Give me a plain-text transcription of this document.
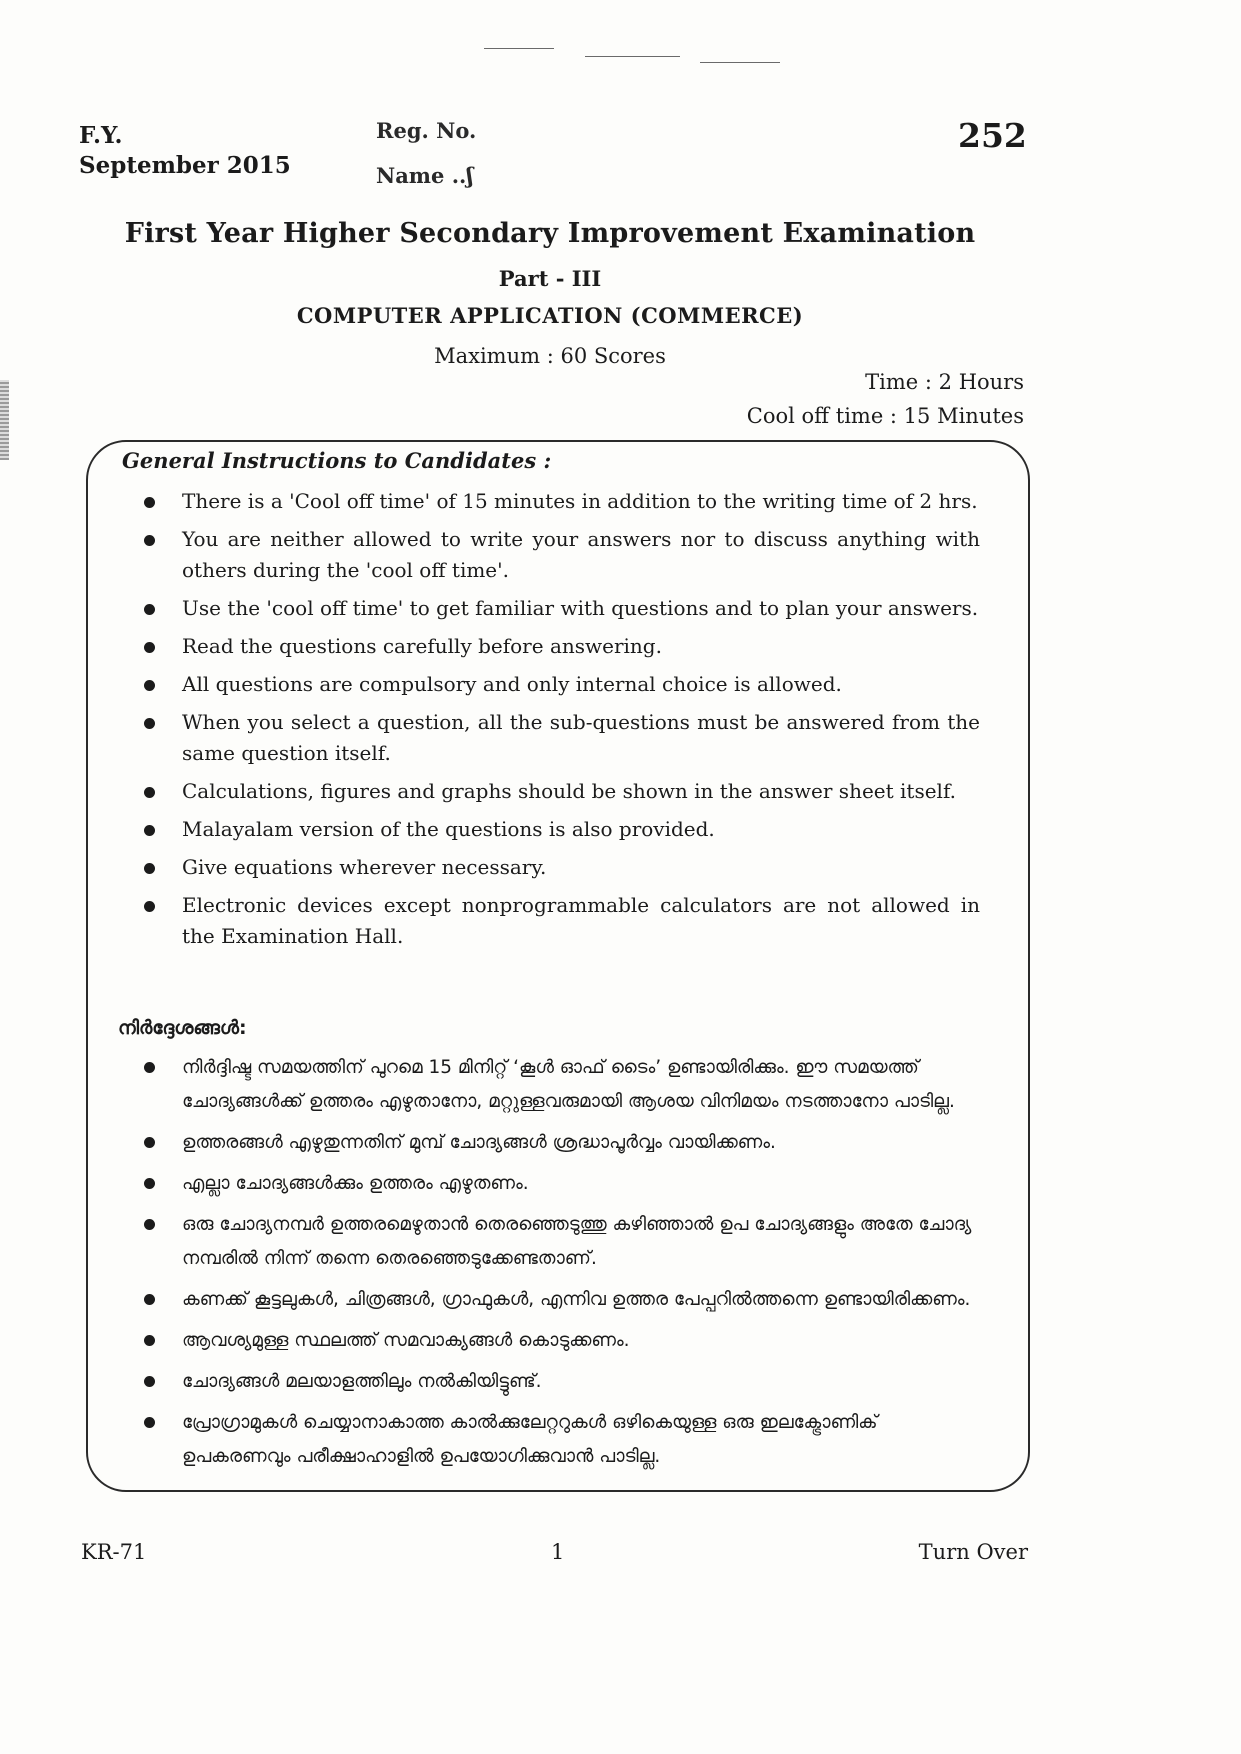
F.Y.
September 2015
Reg. No.
Name ..ʃ
252
First Year Higher Secondary Improvement Examination
Part - III
COMPUTER APPLICATION (COMMERCE)
Maximum : 60 Scores
Time : 2 Hours
Cool off time : 15 Minutes
General Instructions to Candidates :
There is a 'Cool off time' of 15 minutes in addition to the writing time of 2 hrs.
You are neither allowed to write your answers nor to discuss anything with others during the 'cool off time'.
Use the 'cool off time' to get familiar with questions and to plan your answers.
Read the questions carefully before answering.
All questions are compulsory and only internal choice is allowed.
When you select a question, all the sub-questions must be answered from the same question itself.
Calculations, figures and graphs should be shown in the answer sheet itself.
Malayalam version of the questions is also provided.
Give equations wherever necessary.
Electronic devices except nonprogrammable calculators are not allowed in the Examination Hall.
നിർദ്ദേശങ്ങൾ:
നിർദ്ദിഷ്ട സമയത്തിന് പുറമെ 15 മിനിറ്റ് ‘കൂൾ ഓഫ് ടൈം’ ഉണ്ടായിരിക്കും. ഈ സമയത്ത് ചോദ്യങ്ങൾക്ക് ഉത്തരം എഴുതാനോ, മറ്റുള്ളവരുമായി ആശയ വിനിമയം നടത്താനോ പാടില്ല.
ഉത്തരങ്ങൾ എഴുതുന്നതിന് മുമ്പ് ചോദ്യങ്ങൾ ശ്രദ്ധാപൂർവ്വം വായിക്കണം.
എല്ലാ ചോദ്യങ്ങൾക്കും ഉത്തരം എഴുതണം.
ഒരു ചോദ്യനമ്പർ ഉത്തരമെഴുതാൻ തെരഞ്ഞെടുത്തു കഴിഞ്ഞാൽ ഉപ ചോദ്യങ്ങളും അതേ ചോദ്യ നമ്പരിൽ നിന്ന് തന്നെ തെരഞ്ഞെടുക്കേണ്ടതാണ്.
കണക്ക് കൂട്ടലുകൾ, ചിത്രങ്ങൾ, ഗ്രാഫുകൾ, എന്നിവ ഉത്തര പേപ്പറിൽത്തന്നെ ഉണ്ടായിരിക്കണം.
ആവശ്യമുള്ള സ്ഥലത്ത് സമവാക്യങ്ങൾ കൊടുക്കണം.
ചോദ്യങ്ങൾ മലയാളത്തിലും നൽകിയിട്ടുണ്ട്.
പ്രോഗ്രാമുകൾ ചെയ്യാനാകാത്ത കാൽക്കുലേറ്ററുകൾ ഒഴികെയുള്ള ഒരു ഇലക്ട്രോണിക് ഉപകരണവും പരീക്ഷാഹാളിൽ ഉപയോഗിക്കുവാൻ പാടില്ല.
KR-71	1	Turn Over
